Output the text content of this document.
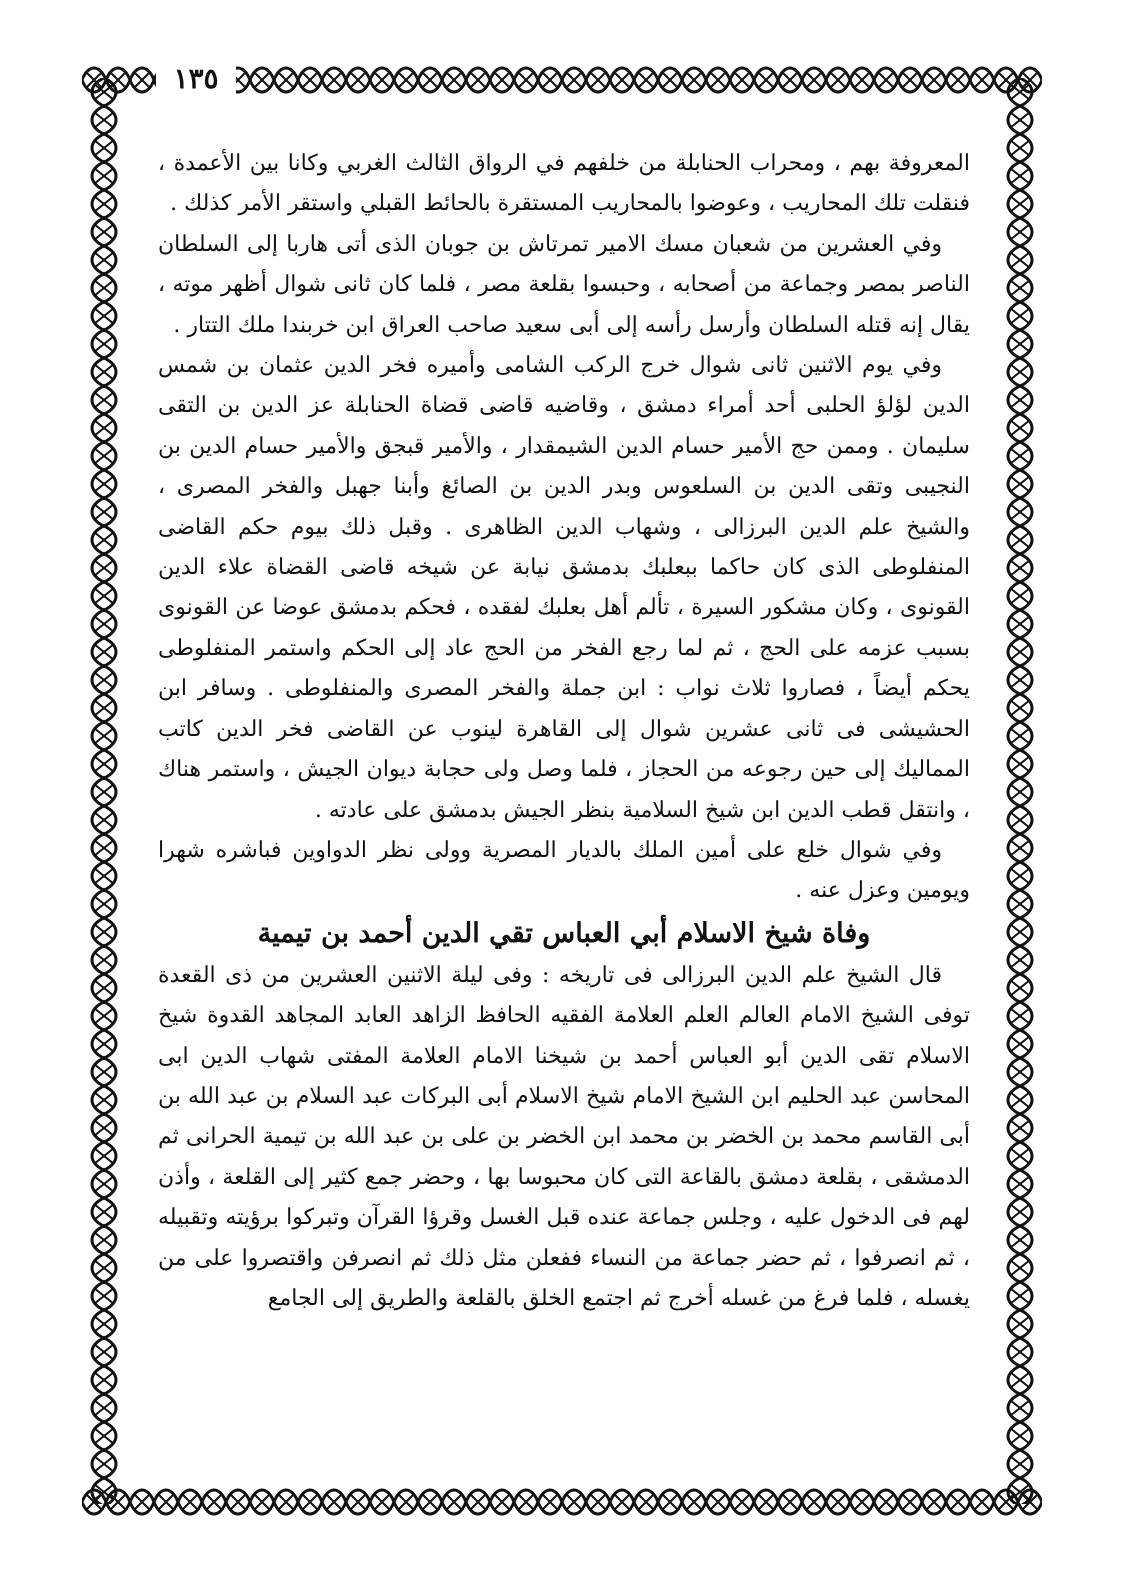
١٣٥

المعروفة بهم ، ومحراب الحنابلة من خلفهم في الرواق الثالث الغربي وكانا بين الأعمدة ، فنقلت تلك المحاريب ، وعوضوا بالمحاريب المستقرة بالحائط القبلي واستقر الأمر كذلك .

وفي العشرين من شعبان مسك الامير تمرتاش بن جوبان الذى أتى هاربا إلى السلطان الناصر بمصر وجماعة من أصحابه ، وحبسوا بقلعة مصر ، فلما كان ثانى شوال أظهر موته ، يقال إنه قتله السلطان وأرسل رأسه إلى أبى سعيد صاحب العراق ابن خربندا ملك التتار .

وفي يوم الاثنين ثانى شوال خرج الركب الشامى وأميره فخر الدين عثمان بن شمس الدين لؤلؤ الحلبى أحد أمراء دمشق ، وقاضيه قاضى قضاة الحنابلة عز الدين بن التقى سليمان . وممن حج الأمير حسام الدين الشيمقدار ، والأمير قبجق والأمير حسام الدين بن النجيبى وتقى الدين بن السلعوس وبدر الدين بن الصائغ وأبنا جهبل والفخر المصرى ، والشيخ علم الدين البرزالى ، وشهاب الدين الظاهرى . وقبل ذلك بيوم حكم القاضى المنفلوطى الذى كان حاكما ببعلبك بدمشق نيابة عن شيخه قاضى القضاة علاء الدين القونوى ، وكان مشكور السيرة ، تألم أهل بعلبك لفقده ، فحكم بدمشق عوضا عن القونوى بسبب عزمه على الحج ، ثم لما رجع الفخر من الحج عاد إلى الحكم واستمر المنفلوطى يحكم أيضاً ، فصاروا ثلاث نواب : ابن جملة والفخر المصرى والمنفلوطى . وسافر ابن الحشيشى فى ثانى عشرين شوال إلى القاهرة لينوب عن القاضى فخر الدين كاتب المماليك إلى حين رجوعه من الحجاز ، فلما وصل ولى حجابة ديوان الجيش ، واستمر هناك ، وانتقل قطب الدين ابن شيخ السلامية بنظر الجيش بدمشق على عادته .

وفي شوال خلع على أمين الملك بالديار المصرية وولى نظر الدواوين فباشره شهرا ويومين وعزل عنه .

وفاة شيخ الاسلام أبي العباس تقي الدين أحمد بن تيمية

قال الشيخ علم الدين البرزالى فى تاريخه : وفى ليلة الاثنين العشرين من ذى القعدة توفى الشيخ الامام العالم العلم العلامة الفقيه الحافظ الزاهد العابد المجاهد القدوة شيخ الاسلام تقى الدين أبو العباس أحمد بن شيخنا الامام العلامة المفتى شهاب الدين ابى المحاسن عبد الحليم ابن الشيخ الامام شيخ الاسلام أبى البركات عبد السلام بن عبد الله بن أبى القاسم محمد بن الخضر بن محمد ابن الخضر بن على بن عبد الله بن تيمية الحرانى ثم الدمشقى ، بقلعة دمشق بالقاعة التى كان محبوسا بها ، وحضر جمع كثير إلى القلعة ، وأذن لهم فى الدخول عليه ، وجلس جماعة عنده قبل الغسل وقرؤا القرآن وتبركوا برؤيته وتقبيله ، ثم انصرفوا ، ثم حضر جماعة من النساء ففعلن مثل ذلك ثم انصرفن واقتصروا على من يغسله ، فلما فرغ من غسله أخرج ثم اجتمع الخلق بالقلعة والطريق إلى الجامع
